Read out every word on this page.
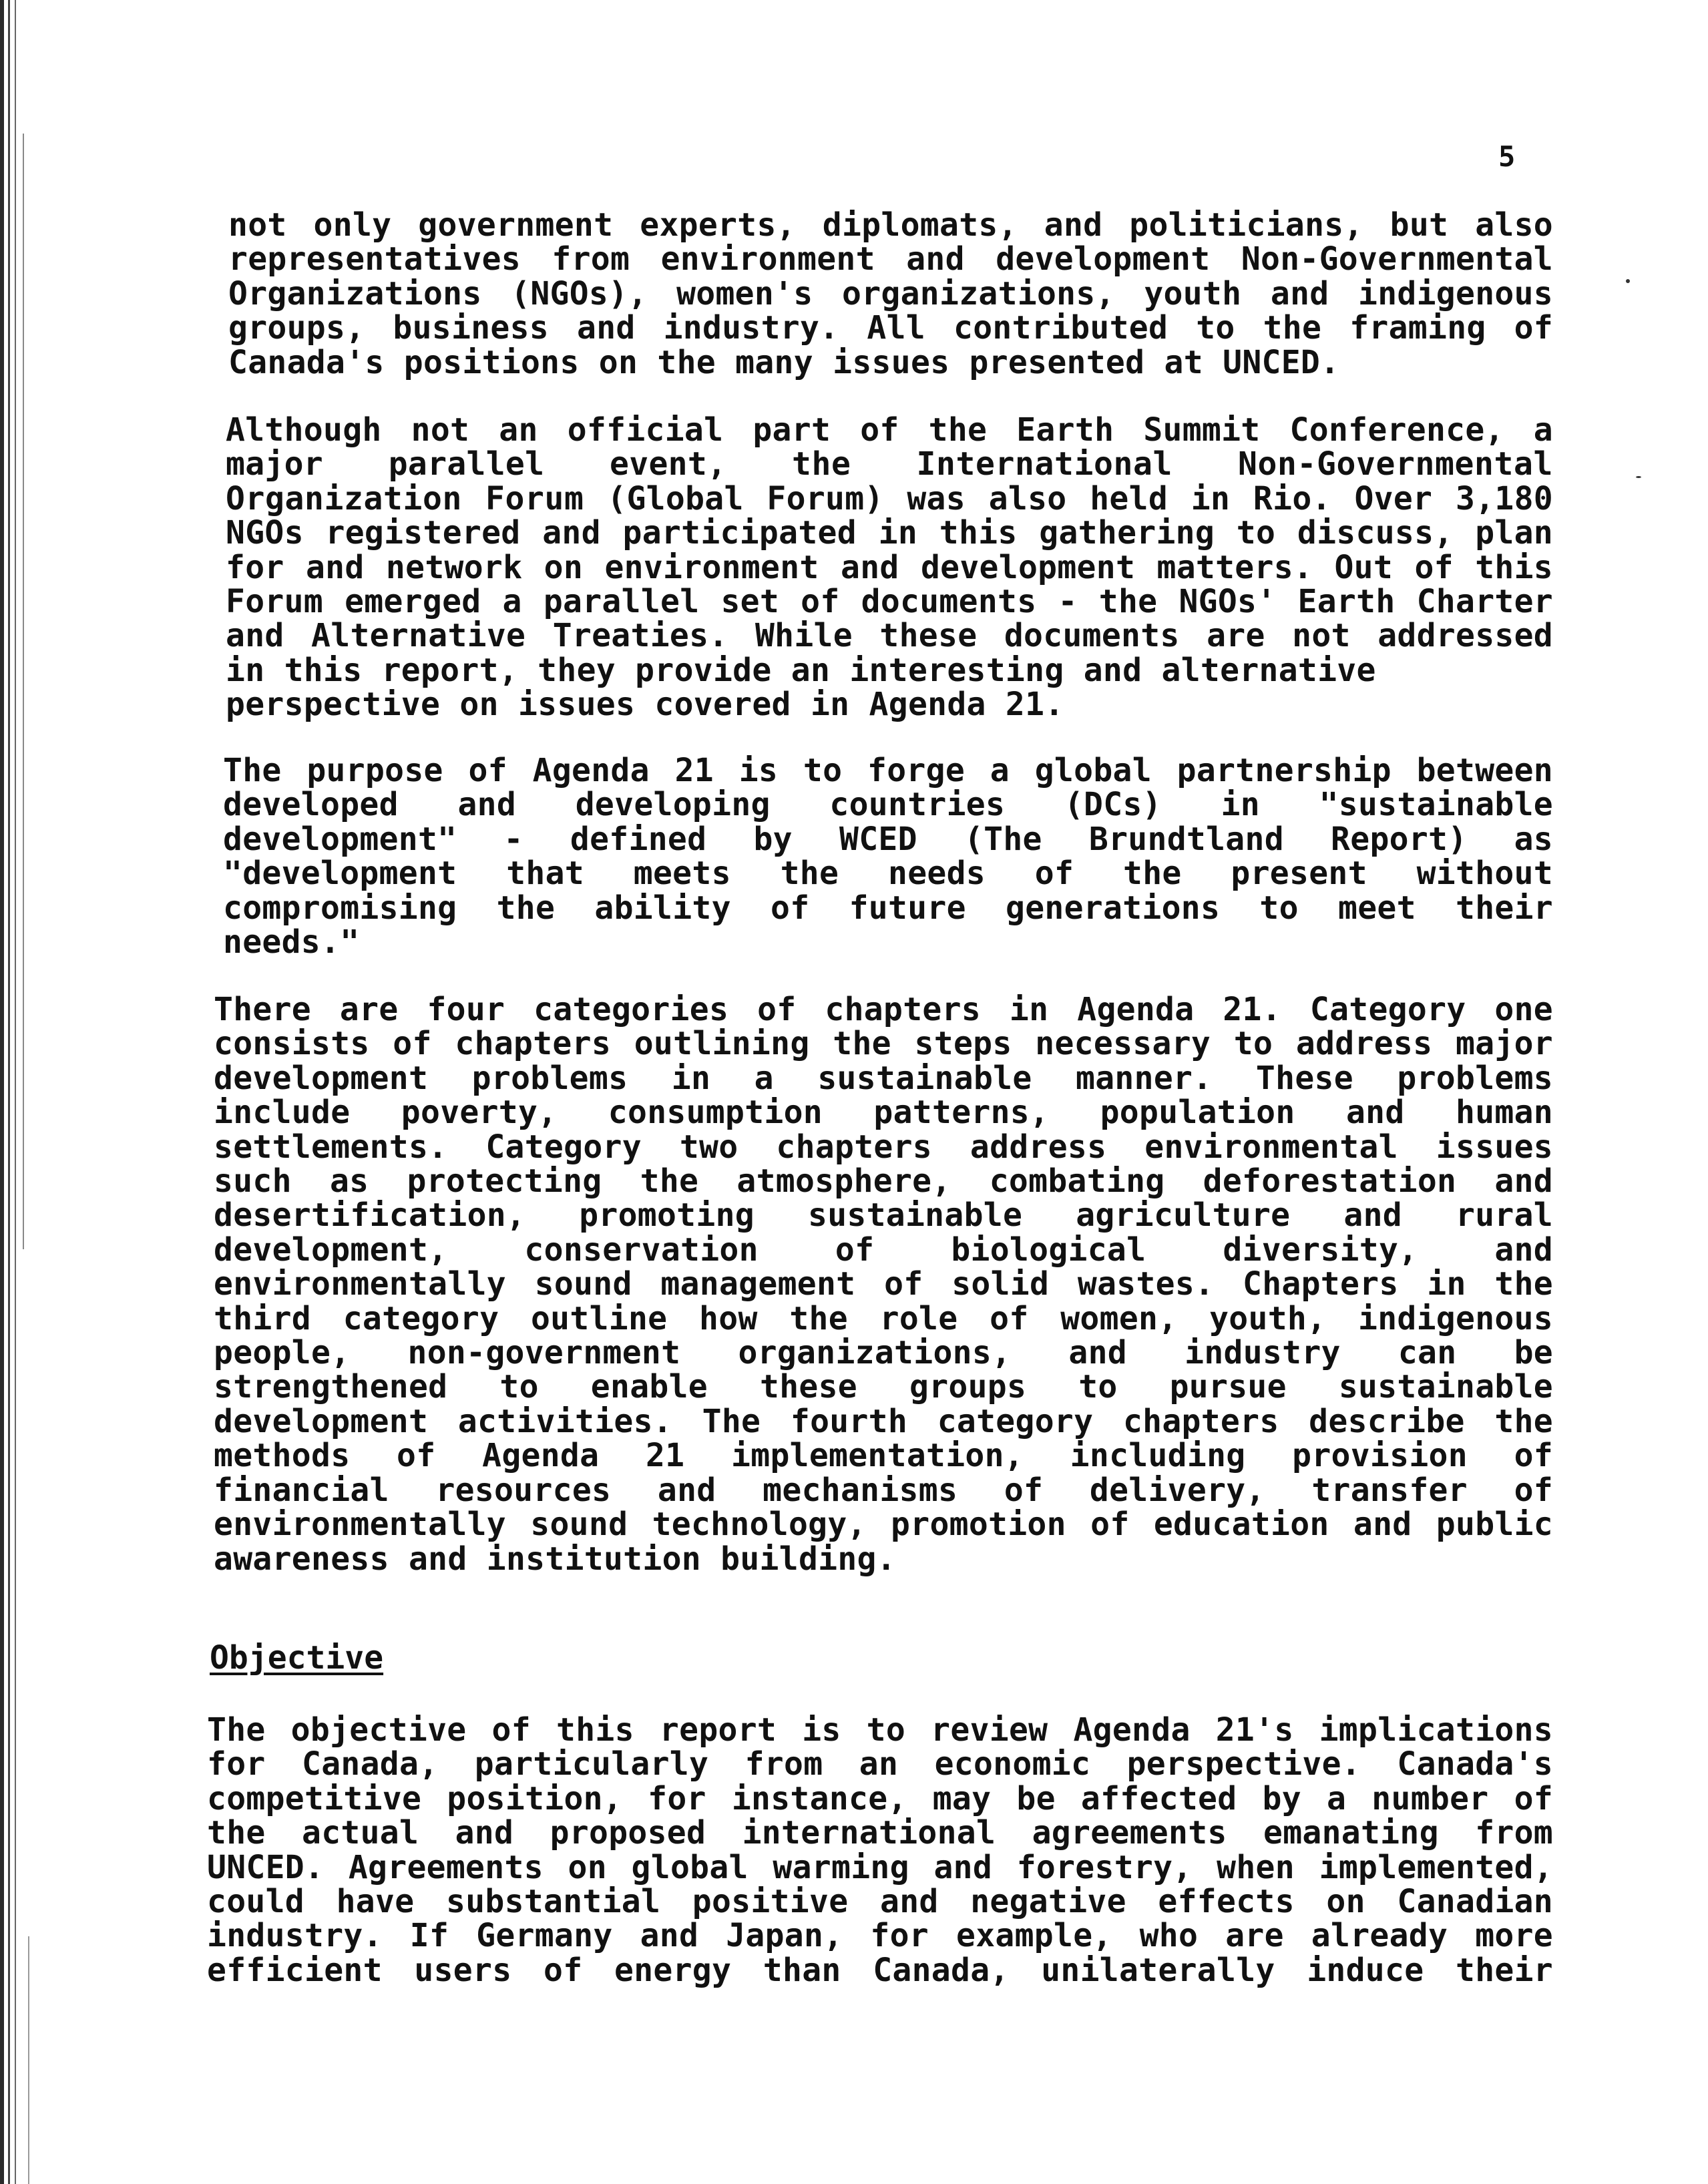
5
not only government experts, diplomats, and politicians, but also
representatives from environment and development Non-Governmental
Organizations (NGOs), women's organizations, youth and indigenous
groups, business and industry. All contributed to the framing of
Canada's positions on the many issues presented at UNCED.
Although not an official part of the Earth Summit Conference, a
major parallel event, the International Non-Governmental
Organization Forum (Global Forum) was also held in Rio. Over 3,180
NGOs registered and participated in this gathering to discuss, plan
for and network on environment and development matters. Out of this
Forum emerged a parallel set of documents - the NGOs' Earth Charter
and Alternative Treaties. While these documents are not addressed
in this report, they provide an interesting and alternative
perspective on issues covered in Agenda 21.
The purpose of Agenda 21 is to forge a global partnership between
developed and developing countries (DCs) in "sustainable
development" - defined by WCED (The Brundtland Report) as
"development that meets the needs of the present without
compromising the ability of future generations to meet their
needs."
There are four categories of chapters in Agenda 21. Category one
consists of chapters outlining the steps necessary to address major
development problems in a sustainable manner. These problems
include poverty, consumption patterns, population and human
settlements. Category two chapters address environmental issues
such as protecting the atmosphere, combating deforestation and
desertification, promoting sustainable agriculture and rural
development, conservation of biological diversity, and
environmentally sound management of solid wastes. Chapters in the
third category outline how the role of women, youth, indigenous
people, non-government organizations, and industry can be
strengthened to enable these groups to pursue sustainable
development activities. The fourth category chapters describe the
methods of Agenda 21 implementation, including provision of
financial resources and mechanisms of delivery, transfer of
environmentally sound technology, promotion of education and public
awareness and institution building.
Objective
The objective of this report is to review Agenda 21's implications
for Canada, particularly from an economic perspective. Canada's
competitive position, for instance, may be affected by a number of
the actual and proposed international agreements emanating from
UNCED. Agreements on global warming and forestry, when implemented,
could have substantial positive and negative effects on Canadian
industry. If Germany and Japan, for example, who are already more
efficient users of energy than Canada, unilaterally induce their
